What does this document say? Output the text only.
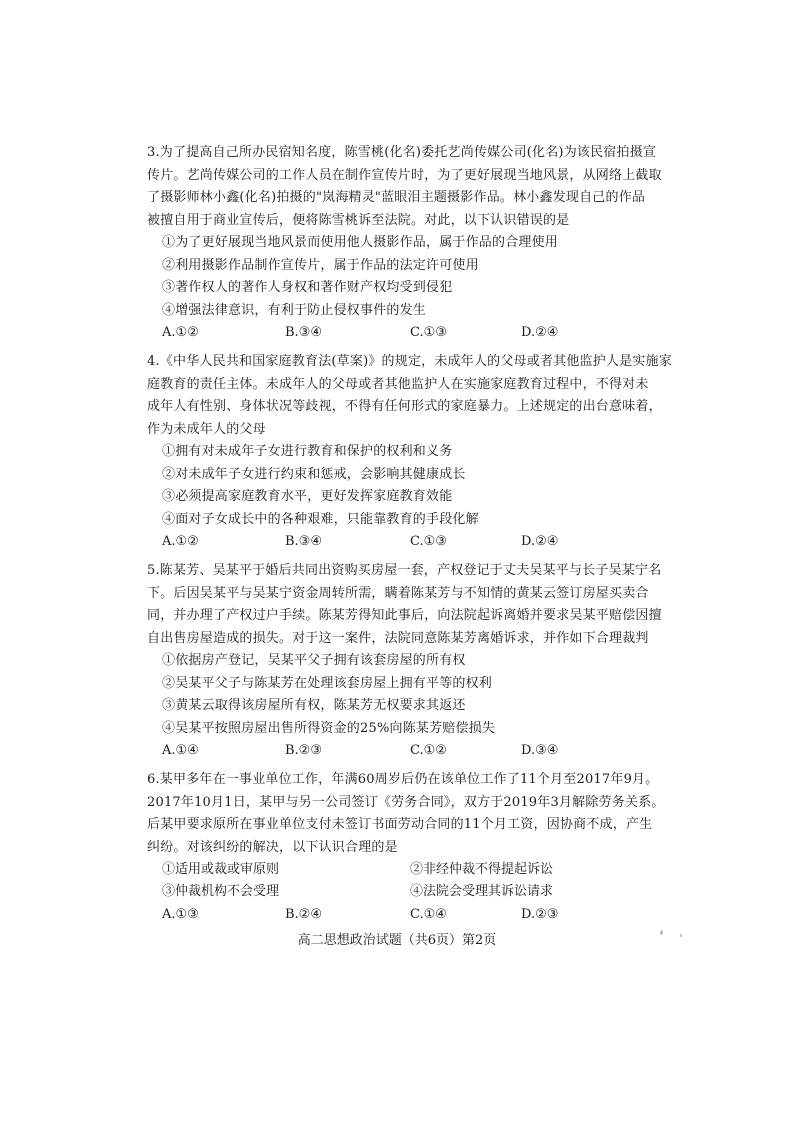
3.为了提高自己所办民宿知名度，陈雪桃(化名)委托艺尚传媒公司(化名)为该民宿拍摄宣
传片。艺尚传媒公司的工作人员在制作宣传片时，为了更好展现当地风景，从网络上截取
了摄影师林小鑫(化名)拍摄的"岚海精灵"蓝眼泪主题摄影作品。林小鑫发现自己的作品
被擅自用于商业宣传后，便将陈雪桃诉至法院。对此，以下认识错误的是
①为了更好展现当地风景而使用他人摄影作品，属于作品的合理使用
②利用摄影作品制作宣传片，属于作品的法定许可使用
③著作权人的著作人身权和著作财产权均受到侵犯
④增强法律意识，有利于防止侵权事件的发生
A.①②	B.③④	C.①③	D.②④
4.《中华人民共和国家庭教育法(草案)》的规定，未成年人的父母或者其他监护人是实施家
庭教育的责任主体。未成年人的父母或者其他监护人在实施家庭教育过程中，不得对未
成年人有性别、身体状况等歧视，不得有任何形式的家庭暴力。上述规定的出台意味着，
作为未成年人的父母
①拥有对未成年子女进行教育和保护的权利和义务
②对未成年子女进行约束和惩戒，会影响其健康成长
③必须提高家庭教育水平，更好发挥家庭教育效能
④面对子女成长中的各种艰难，只能靠教育的手段化解
A.①②	B.③④	C.①③	D.②④
5.陈某芳、吴某平于婚后共同出资购买房屋一套，产权登记于丈夫吴某平与长子吴某宁名
下。后因吴某平与吴某宁资金周转所需，瞒着陈某芳与不知情的黄某云签订房屋买卖合
同，并办理了产权过户手续。陈某芳得知此事后，向法院起诉离婚并要求吴某平赔偿因擅
自出售房屋造成的损失。对于这一案件，法院同意陈某芳离婚诉求，并作如下合理裁判
①依据房产登记，吴某平父子拥有该套房屋的所有权
②吴某平父子与陈某芳在处理该套房屋上拥有平等的权利
③黄某云取得该房屋所有权，陈某芳无权要求其返还
④吴某平按照房屋出售所得资金的25%向陈某芳赔偿损失
A.①④	B.②③	C.①②	D.③④
6.某甲多年在一事业单位工作，年满60周岁后仍在该单位工作了11个月至2017年9月。
2017年10月1日，某甲与另一公司签订《劳务合同》，双方于2019年3月解除劳务关系。
后某甲要求原所在事业单位支付未签订书面劳动合同的11个月工资，因协商不成，产生
纠纷。对该纠纷的解决，以下认识合理的是
①适用或裁或审原则	②非经仲裁不得提起诉讼
③仲裁机构不会受理	④法院会受理其诉讼请求
A.①③	B.②④	C.①④	D.②③
高二思想政治试题（共6页）第2页
